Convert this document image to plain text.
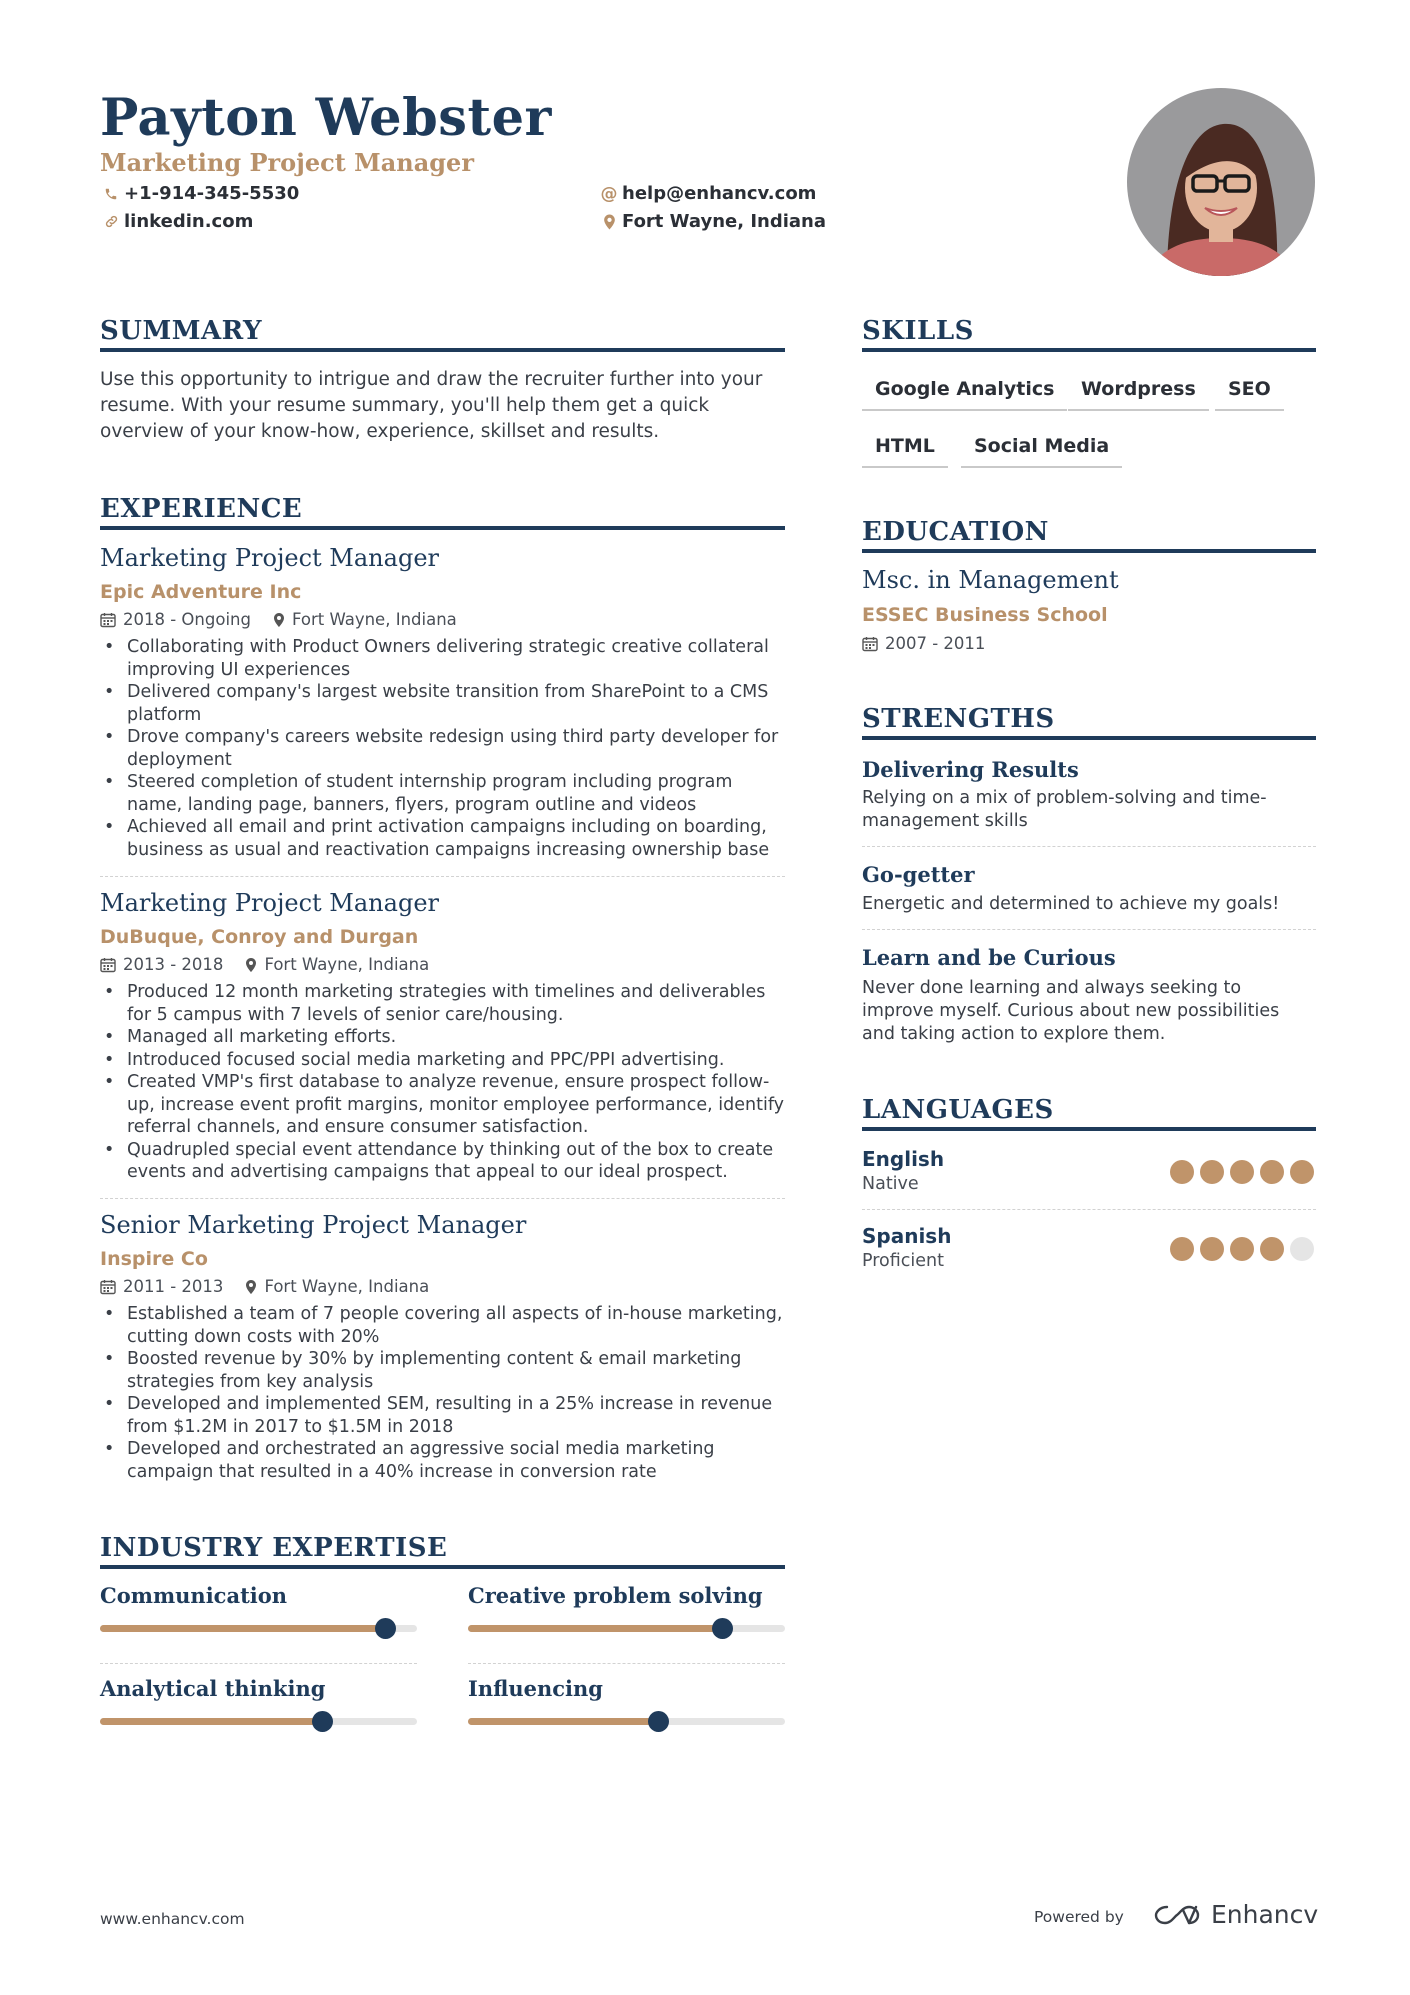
Payton Webster
Marketing Project Manager
+1-914-345-5530
linkedin.com
@ help@enhancv.com
Fort Wayne, Indiana
SUMMARY
Use this opportunity to intrigue and draw the recruiter further into your resume. With your resume summary, you'll help them get a quick overview of your know-how, experience, skillset and results.
EXPERIENCE
Marketing Project Manager
Epic Adventure Inc
2018 - Ongoing Fort Wayne, Indiana
• Collaborating with Product Owners delivering strategic creative collateral improving UI experiences
• Delivered company's largest website transition from SharePoint to a CMS platform
• Drove company's careers website redesign using third party developer for deployment
• Steered completion of student internship program including program name, landing page, banners, flyers, program outline and videos
• Achieved all email and print activation campaigns including on boarding, business as usual and reactivation campaigns increasing ownership base
Marketing Project Manager
DuBuque, Conroy and Durgan
2013 - 2018 Fort Wayne, Indiana
• Produced 12 month marketing strategies with timelines and deliverables for 5 campus with 7 levels of senior care/housing.
• Managed all marketing efforts.
• Introduced focused social media marketing and PPC/PPI advertising.
• Created VMP's first database to analyze revenue, ensure prospect follow-up, increase event profit margins, monitor employee performance, identify referral channels, and ensure consumer satisfaction.
• Quadrupled special event attendance by thinking out of the box to create events and advertising campaigns that appeal to our ideal prospect.
Senior Marketing Project Manager
Inspire Co
2011 - 2013 Fort Wayne, Indiana
• Established a team of 7 people covering all aspects of in-house marketing, cutting down costs with 20%
• Boosted revenue by 30% by implementing content & email marketing strategies from key analysis
• Developed and implemented SEM, resulting in a 25% increase in revenue from $1.2M in 2017 to $1.5M in 2018
• Developed and orchestrated an aggressive social media marketing campaign that resulted in a 40% increase in conversion rate
INDUSTRY EXPERTISE
Communication	Creative problem solving
Analytical thinking	Influencing
SKILLS
Google Analytics	Wordpress	SEO
HTML	Social Media
EDUCATION
Msc. in Management
ESSEC Business School
2007 - 2011
STRENGTHS
Delivering Results
Relying on a mix of problem-solving and time-management skills
Go-getter
Energetic and determined to achieve my goals!
Learn and be Curious
Never done learning and always seeking to improve myself. Curious about new possibilities and taking action to explore them.
LANGUAGES
English
Native
Spanish
Proficient
www.enhancv.com	Powered by	Enhancv
